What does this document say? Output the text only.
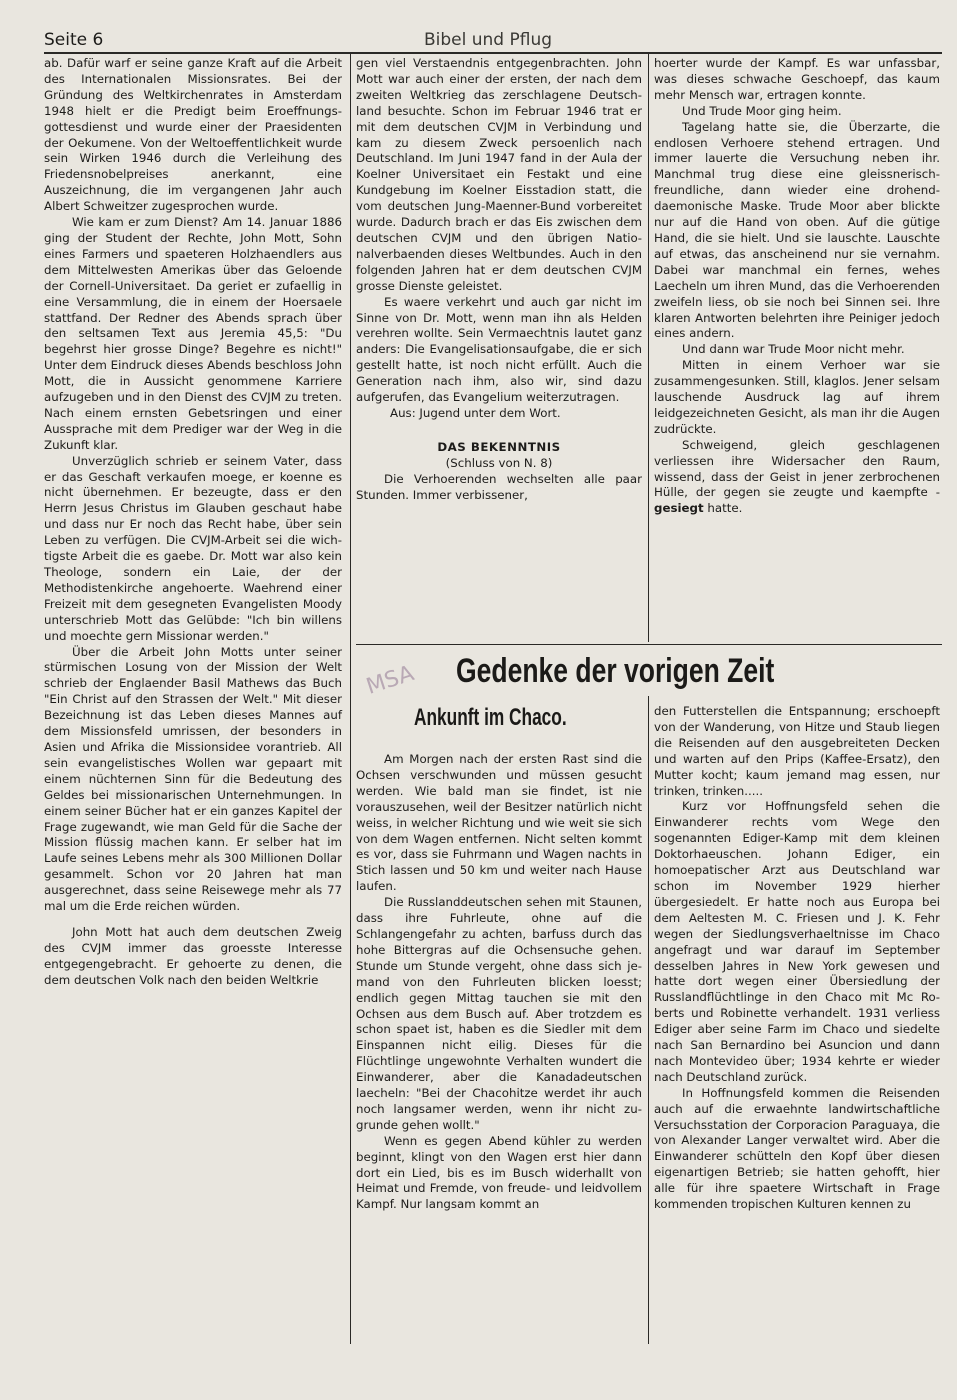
Seite 6	Bibel und Pflug

ab. Dafür warf er seine ganze Kraft auf die Arbeit des Internationalen Missionsrates. Bei der Gründung des Weltkirchenrates in Amsterdam 1948 hielt er die Predigt beim Eroeffnungsgottesdienst und wurde einer der Praesidenten der Oekumene. Von der Weltoeffentlichkeit wurde sein Wirken 1946 durch die Verleihung des Friedensnobelpreises anerkannt, eine Auszeichnung, die im vergangenen Jahr auch Albert Schweitzer zugesprochen wurde.

Wie kam er zum Dienst? Am 14. Januar 1886 ging der Student der Rechte, John Mott, Sohn eines Farmers und spaeteren Holzhaendlers aus dem Mittelwesten Amerikas über das Geloende der Cornell-Universitaet. Da geriet er zufaellig in eine Versammlung, die in einem der Hoersaele stattfand. Der Redner des Abends sprach über den seltsamen Text aus Jeremia 45,5: "Du begehrst hier grosse Dinge? Begehre es nicht!" Unter dem Eindruck dieses Abends beschloss John Mott, die in Aussicht genommene Karriere aufzugeben und in den Dienst des CVJM zu treten. Nach einem ernsten Gebetsringen und einer Aussprache mit dem Prediger war der Weg in die Zukunft klar.

Unverzüglich schrieb er seinem Vater, dass er das Geschaft verkaufen moege, er koenne es nicht übernehmen. Er bezeugte, dass er den Herrn Jesus Christus im Glauben geschaut habe und dass nur Er noch das Recht habe, über sein Leben zu verfügen. Die CVJM-Arbeit sei die wichtigste Arbeit die es gaebe. Dr. Mott war also kein Theologe, sondern ein Laie, der der Methodistenkirche angehoerte. Waehrend einer Freizeit mit dem gesegneten Evangelisten Moody unterschrieb Mott das Gelübde: "Ich bin willens und moechte gern Missionar werden."

Über die Arbeit John Motts unter seiner stürmischen Losung von der Mission der Welt schrieb der Englaender Basil Mathews das Buch "Ein Christ auf den Strassen der Welt." Mit dieser Bezeichnung ist das Leben dieses Mannes auf dem Missionsfeld umrissen, der besonders in Asien und Afrika die Missionsidee vorantrieb. All sein evangelistisches Wollen war gepaart mit einem nüchternen Sinn für die Bedeutung des Geldes bei missionarischen Unternehmungen. In einem seiner Bücher hat er ein ganzes Kapitel der Frage zugewandt, wie man Geld für die Sache der Mission flüssig machen kann. Er selber hat im Laufe seines Lebens mehr als 300 Millionen Dollar gesammelt. Schon vor 20 Jahren hat man ausgerechnet, dass seine Reisewege mehr als 77 mal um die Erde reichen würden.

John Mott hat auch dem deutschen Zweig des CVJM immer das groesste Interesse entgegengebracht. Er gehoerte zu denen, die dem deutschen Volk nach den beiden Weltkrie

gen viel Verstaendnis entgegenbrachten. John Mott war auch einer der ersten, der nach dem zweiten Weltkrieg das zerschlagene Deutschland besuchte. Schon im Februar 1946 trat er mit dem deutschen CVJM in Verbindung und kam zu diesem Zweck persoenlich nach Deutschland. Im Juni 1947 fand in der Aula der Koelner Universitaet ein Festakt und eine Kundgebung im Koelner Eisstadion statt, die vom deutschen Jung-Maenner-Bund vorbereitet wurde. Dadurch brach er das Eis zwischen dem deutschen CVJM und den übrigen Nationalverbaenden dieses Weltbundes. Auch in den folgenden Jahren hat er dem deutschen CVJM grosse Dienste geleistet.

Es waere verkehrt und auch gar nicht im Sinne von Dr. Mott, wenn man ihn als Helden verehren wollte. Sein Vermaechtnis lautet ganz anders: Die Evangelisationsaufgabe, die er sich gestellt hatte, ist noch nicht erfüllt. Auch die Generation nach ihm, also wir, sind dazu aufgerufen, das Evangelium weiterzutragen.

Aus: Jugend unter dem Wort.

DAS BEKENNTNIS
(Schluss von N. 8)

Die Verhoerenden wechselten alle paar Stunden. Immer verbissener,

hoerter wurde der Kampf. Es war unfassbar, was dieses schwache Geschoepf, das kaum mehr Mensch war, ertragen konnte.

Und Trude Moor ging heim.

Tagelang hatte sie, die Überzarte, die endlosen Verhoere stehend ertragen. Und immer lauerte die Versuchung neben ihr. Manchmal trug diese eine gleissnerisch-freundliche, dann wieder eine drohend-daemonische Maske. Trude Moor aber blickte nur auf die Hand von oben. Auf die gütige Hand, die sie hielt. Und sie lauschte. Lauschte auf etwas, das anscheinend nur sie vernahm. Dabei war manchmal ein fernes, wehes Laecheln um ihren Mund, das die Verhoerenden zweifeln liess, ob sie noch bei Sinnen sei. Ihre klaren Antworten belehrten ihre Peiniger jedoch eines andern.

Und dann war Trude Moor nicht mehr.

Mitten in einem Verhoer war sie zusammengesunken. Still, klaglos. Jener selsam lauschende Ausdruck lag auf ihrem leidgezeichneten Gesicht, als man ihr die Augen zudrückte.

Schweigend, gleich geschlagenen verliessen ihre Widersacher den Raum, wissend, dass der Geist in jener zerbrochenen Hülle, der gegen sie zeugte und kaempfte - gesiegt hatte.

MSA Gedenke der vorigen Zeit
Ankunft im Chaco.

Am Morgen nach der ersten Rast sind die Ochsen verschwunden und müssen gesucht werden. Wie bald man sie findet, ist nie vorauszusehen, weil der Besitzer natürlich nicht weiss, in welcher Richtung und wie weit sie sich von dem Wagen entfernen. Nicht selten kommt es vor, dass sie Fuhrmann und Wagen nachts in Stich lassen und 50 km und weiter nach Hause laufen.

Die Russlanddeutschen sehen mit Staunen, dass ihre Fuhrleute, ohne auf die Schlangengefahr zu achten, barfuss durch das hohe Bittergras auf die Ochsensuche gehen. Stunde um Stunde vergeht, ohne dass sich jemand von den Fuhrleuten blicken loesst; endlich gegen Mittag tauchen sie mit den Ochsen aus dem Busch auf. Aber trotzdem es schon spaet ist, haben es die Siedler mit dem Einspannen nicht eilig. Dieses für die Flüchtlinge ungewohnte Verhalten wundert die Einwanderer, aber die Kanadadeutschen laecheln: "Bei der Chacohitze werdet ihr auch noch langsamer werden, wenn ihr nicht zugrunde gehen wollt."

Wenn es gegen Abend kühler zu werden beginnt, klingt von den Wagen erst hier dann dort ein Lied, bis es im Busch widerhallt von Heimat und Fremde, von freude- und leidvollem Kampf. Nur langsam kommt an

den Futterstellen die Entspannung; erschoepft von der Wanderung, von Hitze und Staub liegen die Reisenden auf den ausgebreiteten Decken und warten auf den Prips (Kaffee-Ersatz), den Mutter kocht; kaum jemand mag essen, nur trinken, trinken.....

Kurz vor Hoffnungsfeld sehen die Einwanderer rechts vom Wege den sogenannten Ediger-Kamp mit dem kleinen Doktorhaeuschen. Johann Ediger, ein homoepatischer Arzt aus Deutschland war schon im November 1929 hierher übergesiedelt. Er hatte noch aus Europa bei dem Aeltesten M. C. Friesen und J. K. Fehr wegen der Siedlungsverhaeltnisse im Chaco angefragt und war darauf im September desselben Jahres in New York gewesen und hatte dort wegen einer Übersiedlung der Russlandflüchtlinge in den Chaco mit Mc Roberts und Robinette verhandelt. 1931 verliess Ediger aber seine Farm im Chaco und siedelte nach San Bernardino bei Asuncion und dann nach Montevideo über; 1934 kehrte er wieder nach Deutschland zurück.

In Hoffnungsfeld kommen die Reisenden auch auf die erwaehnte landwirtschaftliche Versuchsstation der Corporacion Paraguaya, die von Alexander Langer verwaltet wird. Aber die Einwanderer schütteln den Kopf über diesen eigenartigen Betrieb; sie hatten gehofft, hier alle für ihre spaetere Wirtschaft in Frage kommenden tropischen Kulturen kennen zu
